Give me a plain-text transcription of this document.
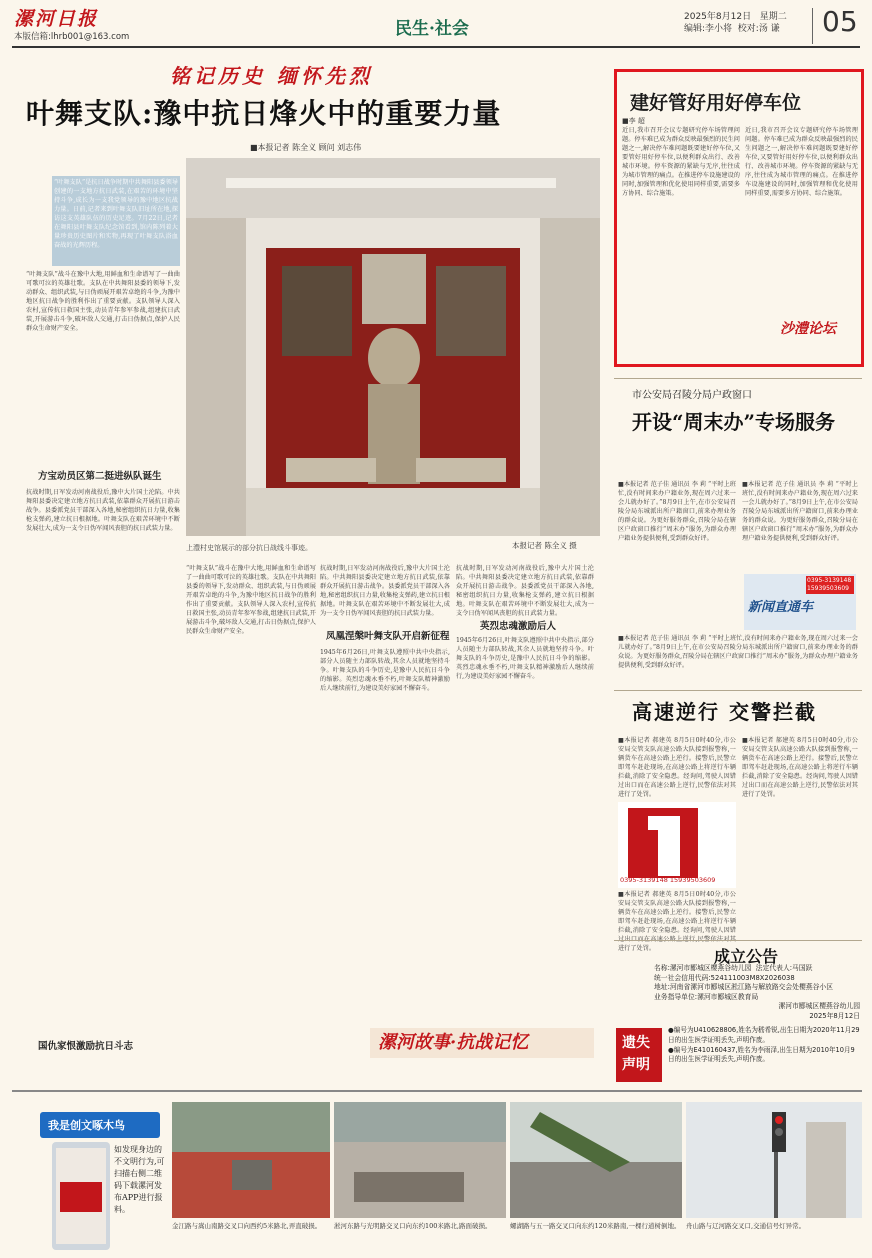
漯河日报
本版信箱:lhrb001@163.com	民生·社会
2025年8月12日 星期二
编辑:李小将 校对:汤 谦	05
铭记历史 缅怀先烈
叶舞支队:豫中抗日烽火中的重要力量
■本报记者 陈全义 顾问 刘志伟
“叶舞支队”是抗日战争时期中共舞阳县委领导创建的一支地方抗日武装,在艰苦的环境中坚持斗争,成长为一支我党领导的豫中地区抗战力量。日前,记者来到叶舞支队旧址所在地,探访这支英雄队伍的历史足迹。7月22日,记者在舞阳县叶舞支队纪念馆看到,馆内陈列着大量珍贵历史图片和实物,再现了叶舞支队浴血奋战的光辉历程。
“叶舞支队”战斗在豫中大地,用鲜血和生命谱写了一曲曲可歌可泣的英雄壮歌。支队在中共舞阳县委的领导下,发动群众、组织武装,与日伪顽展开艰苦卓绝的斗争,为豫中地区抗日战争的胜利作出了重要贡献。支队领导人深入农村,宣传抗日救国主张,动员青年参军参战,组建抗日武装,开展游击斗争,破坏敌人交通,打击日伪据点,保护人民群众生命财产安全。
方宝动员区第二挺进纵队诞生
抗战时期,日军发动河南战役后,豫中大片国土沦陷。中共舞阳县委决定建立地方抗日武装,依靠群众开展抗日游击战争。县委派党员干部深入各地,秘密组织抗日力量,收集枪支弹药,建立抗日根据地。叶舞支队在艰苦环境中不断发展壮大,成为一支令日伪军闻风丧胆的抗日武装力量。
国仇家恨激励抗日斗志
上澧村史馆展示的部分抗日战线斗事迹。	本报记者 陈全义 摄
“叶舞支队”战斗在豫中大地,用鲜血和生命谱写了一曲曲可歌可泣的英雄壮歌。支队在中共舞阳县委的领导下,发动群众、组织武装,与日伪顽展开艰苦卓绝的斗争,为豫中地区抗日战争的胜利作出了重要贡献。支队领导人深入农村,宣传抗日救国主张,动员青年参军参战,组建抗日武装,开展游击斗争,破坏敌人交通,打击日伪据点,保护人民群众生命财产安全。
抗战时期,日军发动河南战役后,豫中大片国土沦陷。中共舞阳县委决定建立地方抗日武装,依靠群众开展抗日游击战争。县委派党员干部深入各地,秘密组织抗日力量,收集枪支弹药,建立抗日根据地。叶舞支队在艰苦环境中不断发展壮大,成为一支令日伪军闻风丧胆的抗日武装力量。
凤凰涅槃叶舞支队开启新征程
1945年6月26日,叶舞支队遵照中共中央指示,部分人员随主力部队转战,其余人员就地坚持斗争。叶舞支队的斗争历史,是豫中人民抗日斗争的缩影。英烈忠魂永垂不朽,叶舞支队精神激励后人继续前行,为建设美好家园不懈奋斗。
抗战时期,日军发动河南战役后,豫中大片国土沦陷。中共舞阳县委决定建立地方抗日武装,依靠群众开展抗日游击战争。县委派党员干部深入各地,秘密组织抗日力量,收集枪支弹药,建立抗日根据地。叶舞支队在艰苦环境中不断发展壮大,成为一支令日伪军闻风丧胆的抗日武装力量。
英烈忠魂激励后人
1945年6月26日,叶舞支队遵照中共中央指示,部分人员随主力部队转战,其余人员就地坚持斗争。叶舞支队的斗争历史,是豫中人民抗日斗争的缩影。英烈忠魂永垂不朽,叶舞支队精神激励后人继续前行,为建设美好家园不懈奋斗。
漯河故事·抗战记忆
建好管好用好停车位
近日,我市召开会议专题研究停车场管理问题。停车难已成为群众反映最强烈的民生问题之一,解决停车难问题既要建好停车位,又要管好用好停车位,以便利群众出行、改善城市环境。停车资源的紧缺与无序,往往成为城市管理的痛点。在推进停车设施建设的同时,加强管理和优化使用同样重要,需要多方协同、综合施策。
近日,我市召开会议专题研究停车场管理问题。停车难已成为群众反映最强烈的民生问题之一,解决停车难问题既要建好停车位,又要管好用好停车位,以便利群众出行、改善城市环境。停车资源的紧缺与无序,往往成为城市管理的痛点。在推进停车设施建设的同时,加强管理和优化使用同样重要,需要多方协同、综合施策。
沙澧论坛
■李 超
市公安局召陵分局户政窗口
开设“周末办”专场服务
■本报记者 范子佳 通讯员 李 莉 “平时上班忙,没有时间来办户籍业务,现在周六过来一会儿就办好了。”8月9日上午,在市公安局召陵分局东城派出所户籍窗口,前来办理业务的群众说。为更好服务群众,召陵分局在辖区户政窗口推行“周末办”服务,为群众办理户籍业务提供便利,受到群众好评。
■本报记者 范子佳 通讯员 李 莉 “平时上班忙,没有时间来办户籍业务,现在周六过来一会儿就办好了。”8月9日上午,在市公安局召陵分局东城派出所户籍窗口,前来办理业务的群众说。为更好服务群众,召陵分局在辖区户政窗口推行“周末办”服务,为群众办理户籍业务提供便利,受到群众好评。
0395-3139148 15939503609
新闻直通车
■本报记者 范子佳 通讯员 李 莉 “平时上班忙,没有时间来办户籍业务,现在周六过来一会儿就办好了。”8月9日上午,在市公安局召陵分局东城派出所户籍窗口,前来办理业务的群众说。为更好服务群众,召陵分局在辖区户政窗口推行“周末办”服务,为群众办理户籍业务提供便利,受到群众好评。
高速逆行 交警拦截
■本报记者 郝建英 8月5日0时40分,市公安局交管支队高速公路大队接到报警称,一辆货车在高速公路上逆行。接警后,民警立即驾车赶赴现场,在高速公路上将逆行车辆拦截,消除了安全隐患。经询问,驾驶人因错过出口而在高速公路上逆行,民警依法对其进行了处罚。
0395-3139148 15939503609
■本报记者 郝建英 8月5日0时40分,市公安局交管支队高速公路大队接到报警称,一辆货车在高速公路上逆行。接警后,民警立即驾车赶赴现场,在高速公路上将逆行车辆拦截,消除了安全隐患。经询问,驾驶人因错 进行了处罚。
■本报记者 郝建英 8月5日0时40分,市公安局交管支队高速公路大队接到报警称,一辆货车在高速公路上逆行。接警后,民警立即驾车赶赴现场,在高速公路上将逆行车辆拦截,消除了安全隐患。经询问,驾驶人因错过出口而在高速公路上逆行,民警依法对其进行了处罚。
成立公告
名称:漯河市郾城区樱燕谷幼儿园 法定代表人:马国跃
统一社会信用代码:524111003M8X2026038
地址:河南省漯河市郾城区淞江路与解放路交会处樱燕谷小区
业务指导单位:漯河市郾城区教育局
漯河市郾城区樱燕谷幼儿园
2025年8月12日
遗失声明
●编号为U410628806,姓名为嵇希锐,出生日期为2020年11月29日的出生医学证明丢失,声明作废。
●编号为E410160437,姓名为李雨泽,出生日期为2010年10月9日的出生医学证明丢失,声明作废。
我是创文啄木鸟
如发现身边的不文明行为,可扫描右侧二维码下载漯河发布APP进行报料。
金江路与嵩山南路交叉口向西约5米路北,弄直破损。	淞河东路与光明路交叉口向东约100米路北,路面破损。	螺湖路与五一路交叉口向东约120米路南,一棵行道树倒地。 舟山路与辽河路交叉口,交通信号灯异常。
